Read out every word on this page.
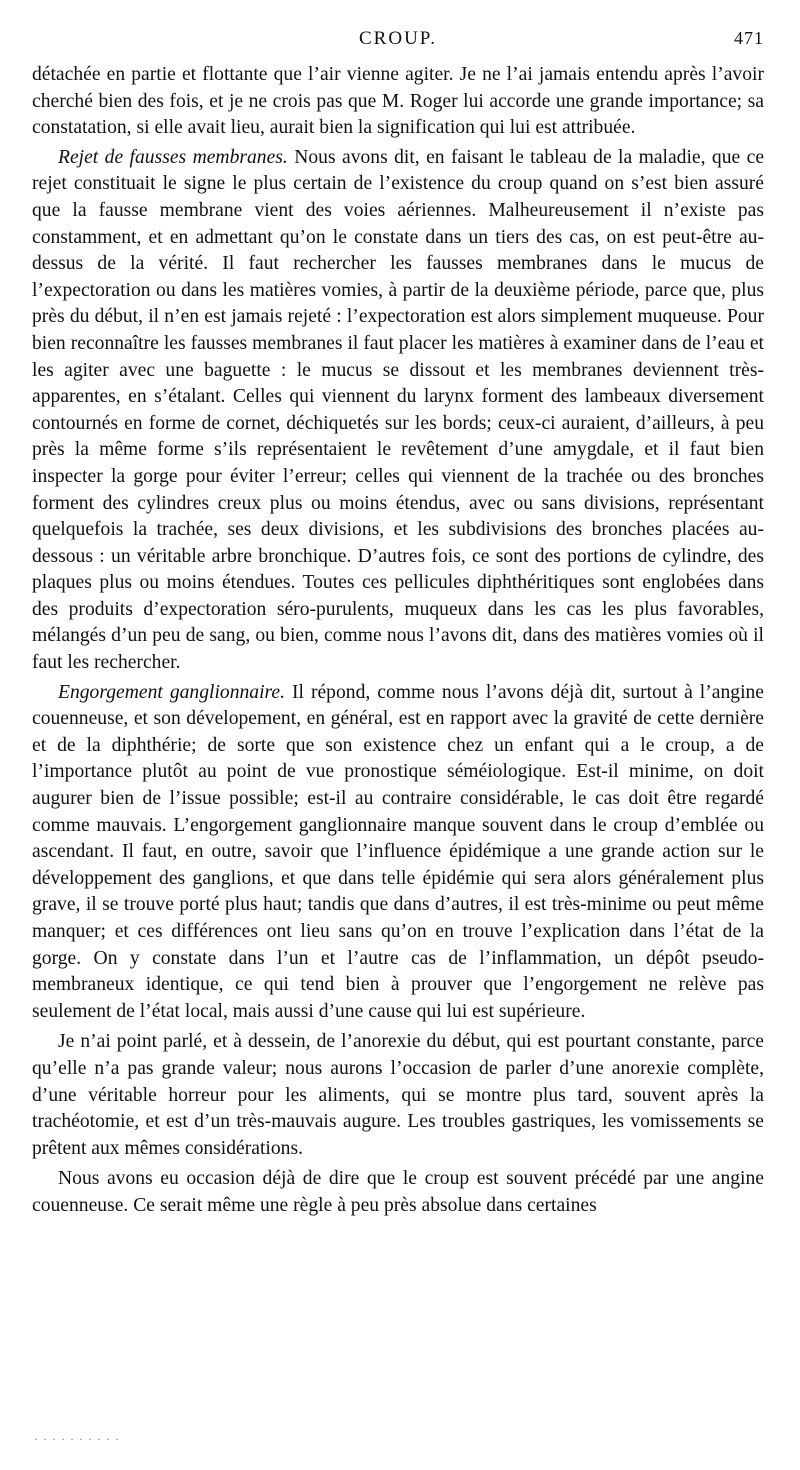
CROUP.	471

détachée en partie et flottante que l’air vienne agiter. Je ne l’ai jamais entendu après l’avoir cherché bien des fois, et je ne crois pas que M. Roger lui accorde une grande importance; sa constatation, si elle avait lieu, aurait bien la signification qui lui est attribuée.

Rejet de fausses membranes. Nous avons dit, en faisant le tableau de la maladie, que ce rejet constituait le signe le plus certain de l’existence du croup quand on s’est bien assuré que la fausse membrane vient des voies aériennes. Malheureusement il n’existe pas constamment, et en admettant qu’on le constate dans un tiers des cas, on est peut-être au-dessus de la vérité. Il faut rechercher les fausses membranes dans le mucus de l’expectoration ou dans les matières vomies, à partir de la deuxième période, parce que, plus près du début, il n’en est jamais rejeté : l’expectoration est alors simplement muqueuse. Pour bien reconnaître les fausses membranes il faut placer les matières à examiner dans de l’eau et les agiter avec une baguette : le mucus se dissout et les membranes deviennent très-apparentes, en s’étalant. Celles qui viennent du larynx forment des lambeaux diversement contournés en forme de cornet, déchiquetés sur les bords; ceux-ci auraient, d’ailleurs, à peu près la même forme s’ils représentaient le revêtement d’une amygdale, et il faut bien inspecter la gorge pour éviter l’erreur; celles qui viennent de la trachée ou des bronches forment des cylindres creux plus ou moins étendus, avec ou sans divisions, représentant quelquefois la trachée, ses deux divisions, et les subdivisions des bronches placées au-dessous : un véritable arbre bronchique. D’autres fois, ce sont des portions de cylindre, des plaques plus ou moins étendues. Toutes ces pellicules diphthéritiques sont englobées dans des produits d’expectoration séro-purulents, muqueux dans les cas les plus favorables, mélangés d’un peu de sang, ou bien, comme nous l’avons dit, dans des matières vomies où il faut les rechercher.

Engorgement ganglionnaire. Il répond, comme nous l’avons déjà dit, surtout à l’angine couenneuse, et son dévelopement, en général, est en rapport avec la gravité de cette dernière et de la diphthérie; de sorte que son existence chez un enfant qui a le croup, a de l’importance plutôt au point de vue pronostique séméiologique. Est-il minime, on doit augurer bien de l’issue possible; est-il au contraire considérable, le cas doit être regardé comme mauvais. L’engorgement ganglionnaire manque souvent dans le croup d’emblée ou ascendant. Il faut, en outre, savoir que l’influence épidémique a une grande action sur le développement des ganglions, et que dans telle épidémie qui sera alors généralement plus grave, il se trouve porté plus haut; tandis que dans d’autres, il est très-minime ou peut même manquer; et ces différences ont lieu sans qu’on en trouve l’explication dans l’état de la gorge. On y constate dans l’un et l’autre cas de l’inflammation, un dépôt pseudo-membraneux identique, ce qui tend bien à prouver que l’engorgement ne relève pas seulement de l’état local, mais aussi d’une cause qui lui est supérieure.

Je n’ai point parlé, et à dessein, de l’anorexie du début, qui est pourtant constante, parce qu’elle n’a pas grande valeur; nous aurons l’occasion de parler d’une anorexie complète, d’une véritable horreur pour les aliments, qui se montre plus tard, souvent après la trachéotomie, et est d’un très-mauvais augure. Les troubles gastriques, les vomissements se prêtent aux mêmes considérations.

Nous avons eu occasion déjà de dire que le croup est souvent précédé par une angine couenneuse. Ce serait même une règle à peu près absolue dans certaines

· · · · · · · · · ·
